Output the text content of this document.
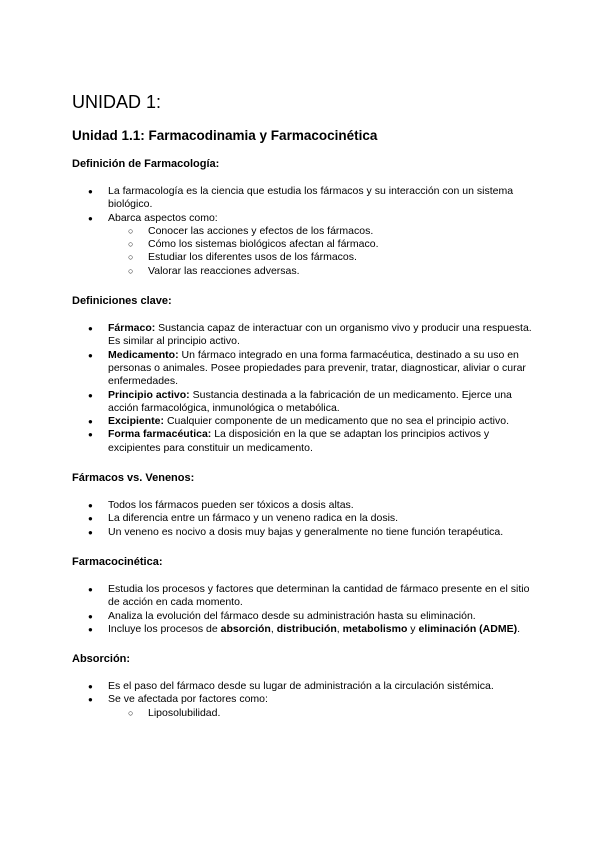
UNIDAD 1:
Unidad 1.1: Farmacodinamia y Farmacocinética
Definición de Farmacología:
● La farmacología es la ciencia que estudia los fármacos y su interacción con un sistema biológico.
● Abarca aspectos como:
○ Conocer las acciones y efectos de los fármacos.
○ Cómo los sistemas biológicos afectan al fármaco.
○ Estudiar los diferentes usos de los fármacos.
○ Valorar las reacciones adversas.
Definiciones clave:
● Fármaco: Sustancia capaz de interactuar con un organismo vivo y producir una respuesta. Es similar al principio activo.
● Medicamento: Un fármaco integrado en una forma farmacéutica, destinado a su uso en personas o animales. Posee propiedades para prevenir, tratar, diagnosticar, aliviar o curar enfermedades.
● Principio activo: Sustancia destinada a la fabricación de un medicamento. Ejerce una acción farmacológica, inmunológica o metabólica.
● Excipiente: Cualquier componente de un medicamento que no sea el principio activo.
● Forma farmacéutica: La disposición en la que se adaptan los principios activos y excipientes para constituir un medicamento.
Fármacos vs. Venenos:
● Todos los fármacos pueden ser tóxicos a dosis altas.
● La diferencia entre un fármaco y un veneno radica en la dosis.
● Un veneno es nocivo a dosis muy bajas y generalmente no tiene función terapéutica.
Farmacocinética:
● Estudia los procesos y factores que determinan la cantidad de fármaco presente en el sitio de acción en cada momento.
● Analiza la evolución del fármaco desde su administración hasta su eliminación.
● Incluye los procesos de absorción, distribución, metabolismo y eliminación (ADME).
Absorción:
● Es el paso del fármaco desde su lugar de administración a la circulación sistémica.
● Se ve afectada por factores como:
○ Liposolubilidad.
